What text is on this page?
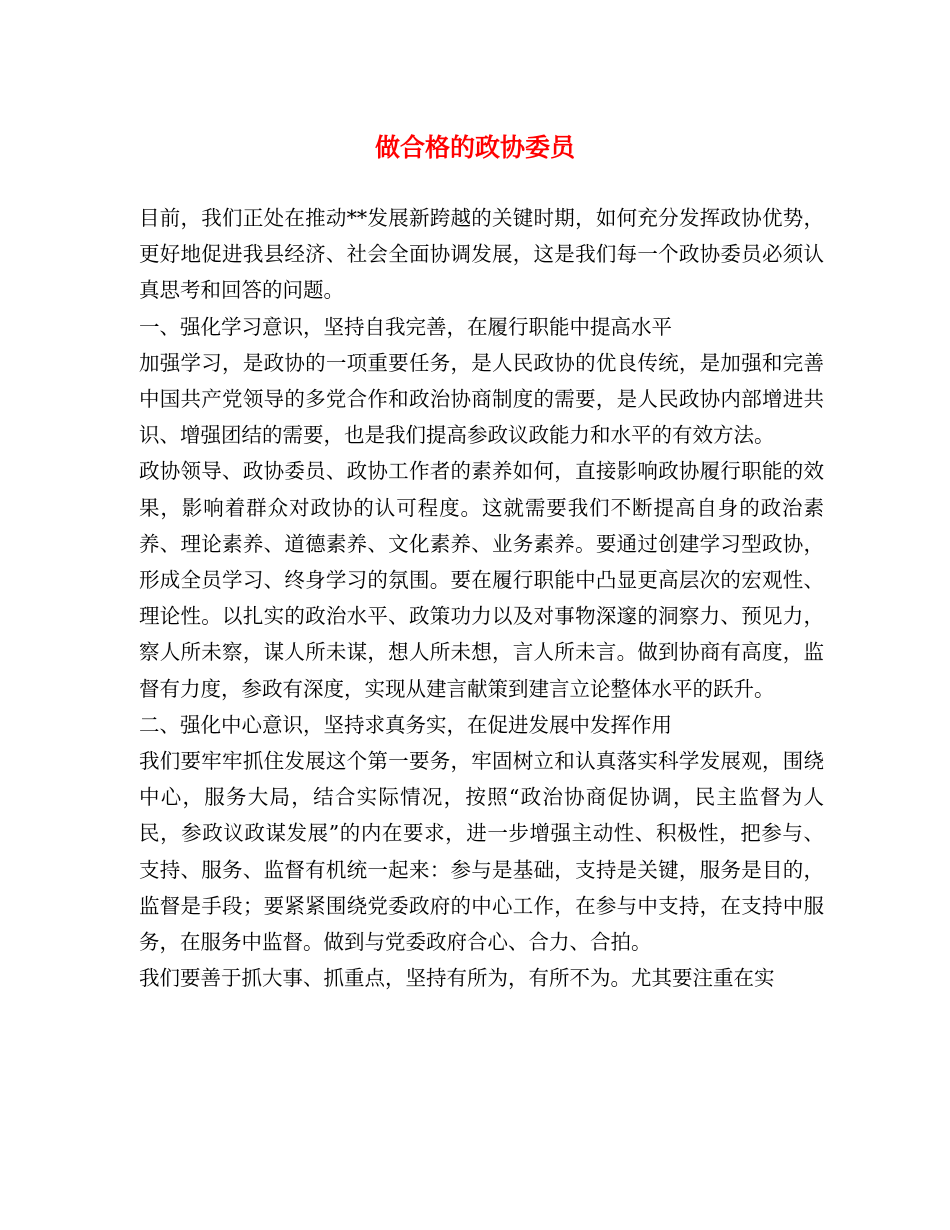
做合格的政协委员

目前，我们正处在推动**发展新跨越的关键时期，如何充分发挥政协优势，更好地促进我县经济、社会全面协调发展，这是我们每一个政协委员必须认真思考和回答的问题。

一、强化学习意识，坚持自我完善，在履行职能中提高水平

加强学习，是政协的一项重要任务，是人民政协的优良传统，是加强和完善中国共产党领导的多党合作和政治协商制度的需要，是人民政协内部增进共识、增强团结的需要，也是我们提高参政议政能力和水平的有效方法。

政协领导、政协委员、政协工作者的素养如何，直接影响政协履行职能的效果，影响着群众对政协的认可程度。这就需要我们不断提高自身的政治素养、理论素养、道德素养、文化素养、业务素养。要通过创建学习型政协，形成全员学习、终身学习的氛围。要在履行职能中凸显更高层次的宏观性、理论性。以扎实的政治水平、政策功力以及对事物深邃的洞察力、预见力，察人所未察，谋人所未谋，想人所未想，言人所未言。做到协商有高度，监督有力度，参政有深度，实现从建言献策到建言立论整体水平的跃升。

二、强化中心意识，坚持求真务实，在促进发展中发挥作用

我们要牢牢抓住发展这个第一要务，牢固树立和认真落实科学发展观，围绕中心，服务大局，结合实际情况，按照“政治协商促协调，民主监督为人民，参政议政谋发展”的内在要求，进一步增强主动性、积极性，把参与、支持、服务、监督有机统一起来：参与是基础，支持是关键，服务是目的，监督是手段；要紧紧围绕党委政府的中心工作，在参与中支持，在支持中服务，在服务中监督。做到与党委政府合心、合力、合拍。

我们要善于抓大事、抓重点，坚持有所为，有所不为。尤其要注重在实
